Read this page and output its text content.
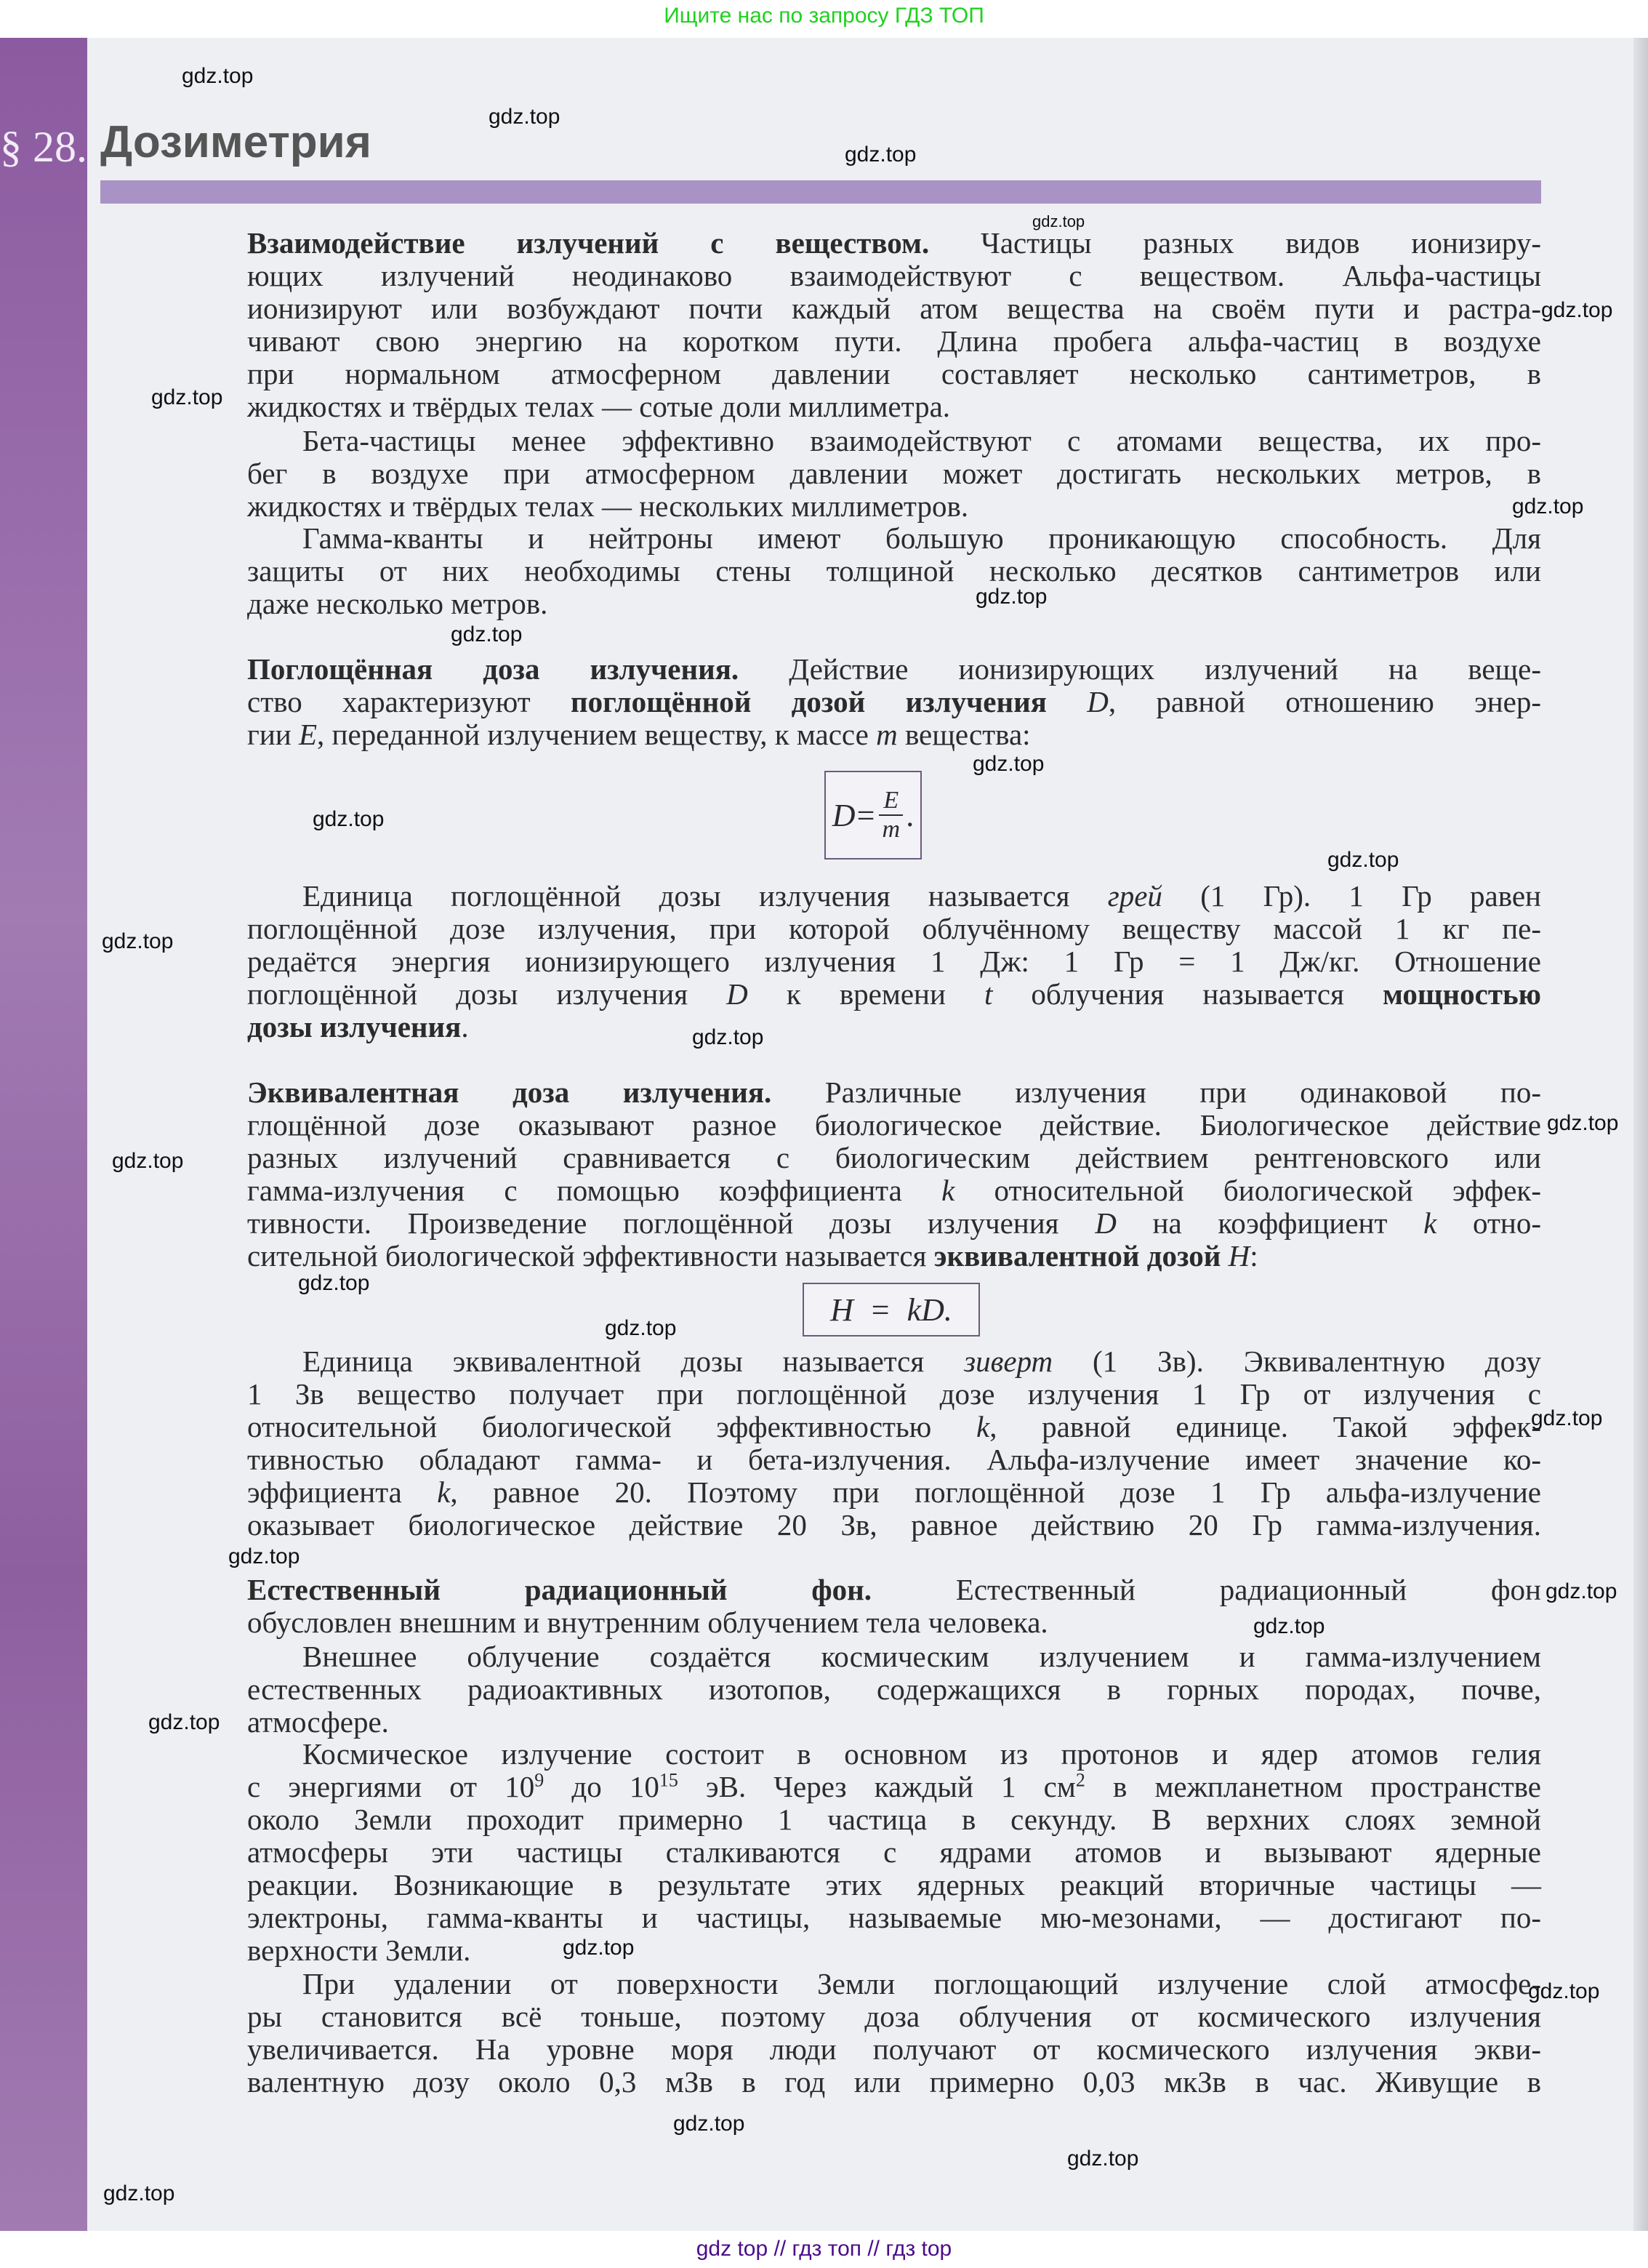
Ищите нас по запросу ГДЗ ТОП
§ 28. Дозиметрия
Взаимодействие излучений с веществом. Частицы разных видов ионизиру-
ющих излучений неодинаково взаимодействуют с веществом. Альфа-частицы
ионизируют или возбуждают почти каждый атом вещества на своём пути и растра-
чивают свою энергию на коротком пути. Длина пробега альфа-частиц в воздухе
при нормальном атмосферном давлении составляет несколько сантиметров, в
жидкостях и твёрдых телах — сотые доли миллиметра.
Бета-частицы менее эффективно взаимодействуют с атомами вещества, их про-
бег в воздухе при атмосферном давлении может достигать нескольких метров, в
жидкостях и твёрдых телах — нескольких миллиметров.
Гамма-кванты и нейтроны имеют большую проникающую способность. Для
защиты от них необходимы стены толщиной несколько десятков сантиметров или
даже несколько метров.
Поглощённая доза излучения. Действие ионизирующих излучений на веще-
ство характеризуют поглощённой дозой излучения D, равной отношению энер-
гии E, переданной излучением веществу, к массе m вещества:
$D = \frac{E}{m}$ .
Единица поглощённой дозы излучения называется грей (1 Гр). 1 Гр равен
поглощённой дозе излучения, при которой облучённому веществу массой 1 кг пе-
редаётся энергия ионизирующего излучения 1 Дж: 1 Гр = 1 Дж/кг. Отношение
поглощённой дозы излучения D к времени t облучения называется мощностью
дозы излучения.
Эквивалентная доза излучения. Различные излучения при одинаковой по-
глощённой дозе оказывают разное биологическое действие. Биологическое действие
разных излучений сравнивается с биологическим действием рентгеновского или
гамма-излучения с помощью коэффициента k относительной биологической эффек-
тивности. Произведение поглощённой дозы излучения D на коэффициент k отно-
сительной биологической эффективности называется эквивалентной дозой H:
H  =  kD.
Единица эквивалентной дозы называется зиверт (1 Зв). Эквивалентную дозу
1 Зв вещество получает при поглощённой дозе излучения 1 Гр от излучения с
относительной биологической эффективностью k, равной единице. Такой эффек-
тивностью обладают гамма- и бета-излучения. Альфа-излучение имеет значение ко-
эффициента k, равное 20. Поэтому при поглощённой дозе 1 Гр альфа-излучение
оказывает биологическое действие 20 Зв, равное действию 20 Гр гамма-излучения.
Естественный радиационный фон. Естественный радиационный фон
обусловлен внешним и внутренним облучением тела человека.
Внешнее облучение создаётся космическим излучением и гамма-излучением
естественных радиоактивных изотопов, содержащихся в горных породах, почве,
атмосфере.
Космическое излучение состоит в основном из протонов и ядер атомов гелия
с энергиями от $10^9$ до $10^{15}$ эВ. Через каждый 1 $см^2$ в межпланетном пространстве
около Земли проходит примерно 1 частица в секунду. В верхних слоях земной
атмосферы эти частицы сталкиваются с ядрами атомов и вызывают ядерные
реакции. Возникающие в результате этих ядерных реакций вторичные частицы —
электроны, гамма-кванты и частицы, называемые мю-мезонами, — достигают по-
верхности Земли.
При удалении от поверхности Земли поглощающий излучение слой атмосфе-
ры становится всё тоньше, поэтому доза облучения от космического излучения
увеличивается. На уровне моря люди получают от космического излучения экви-
валентную дозу около 0,3 мЗв в год или примерно 0,03 мкЗв в час. Живущие в
gdz.top
gdz.top
gdz.top
gdz.top
gdz.top
gdz.top
gdz.top
gdz.top
gdz.top
gdz.top
gdz.top
gdz.top
gdz.top
gdz.top
gdz.top
gdz.top
gdz.top
gdz.top
gdz.top
gdz.top
gdz.top
gdz.top
gdz.top
gdz.top
gdz.top
gdz.top
gdz.top
gdz.top
gdz top // гдз топ // гдз top
